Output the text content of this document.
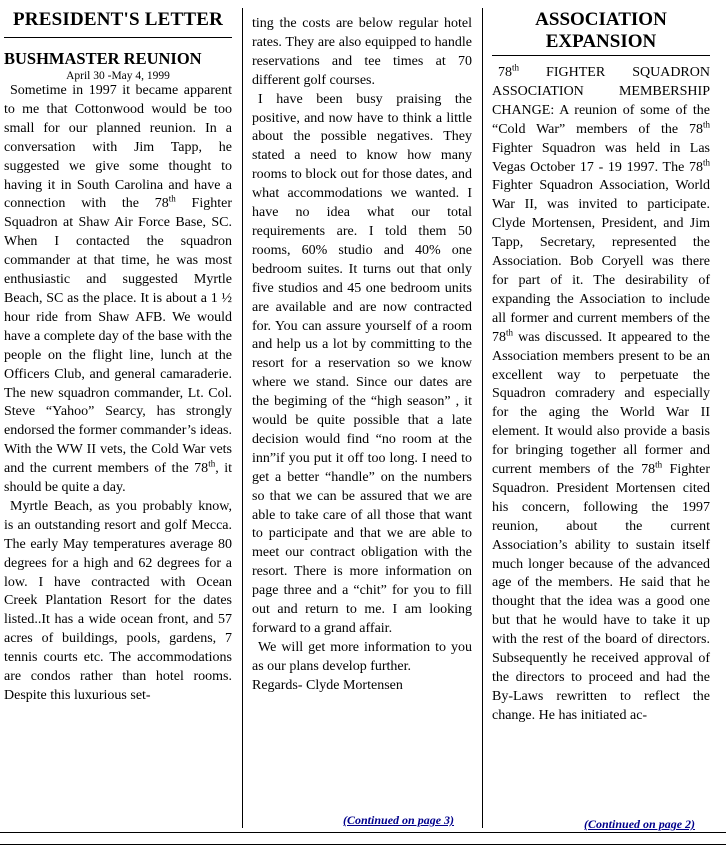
PRESIDENT'S LETTER
BUSHMASTER REUNION
April 30 -May 4, 1999

Sometime in 1997 it became apparent to me that Cottonwood would be too small for our planned reunion. In a conversation with Jim Tapp, he suggested we give some thought to having it in South Carolina and have a connection with the 78th Fighter Squadron at Shaw Air Force Base, SC. When I contacted the squadron commander at that time, he was most enthusiastic and suggested Myrtle Beach, SC as the place. It is about a 1 ½ hour ride from Shaw AFB. We would have a complete day of the base with the people on the flight line, lunch at the Officers Club, and general camaraderie. The new squadron commander, Lt. Col. Steve “Yahoo” Searcy, has strongly endorsed the former commander’s ideas. With the WW II vets, the Cold War vets and the current members of the 78th, it should be quite a day.

Myrtle Beach, as you probably know, is an outstanding resort and golf Mecca. The early May temperatures average 80 degrees for a high and 62 degrees for a low. I have contracted with Ocean Creek Plantation Resort for the dates listed..It has a wide ocean front, and 57 acres of buildings, pools, gardens, 7 tennis courts etc. The accommodations are condos rather than hotel rooms. Despite this luxurious set-

ting the costs are below regular hotel rates. They are also equipped to handle reservations and tee times at 70 different golf courses.

I have been busy praising the positive, and now have to think a little about the possible negatives. They stated a need to know how many rooms to block out for those dates, and what accommodations we wanted. I have no idea what our total requirements are. I told them 50 rooms, 60% studio and 40% one bedroom suites. It turns out that only five studios and 45 one bedroom units are available and are now contracted for. You can assure yourself of a room and help us a lot by committing to the resort for a reservation so we know where we stand. Since our dates are the begiming of the “high season” , it would be quite possible that a late decision would find “no room at the inn”if you put it off too long. I need to get a better “handle” on the numbers so that we can be assured that we are able to take care of all those that want to participate and that we are able to meet our contract obligation with the resort. There is more information on page three and a “chit” for you to fill out and return to me. I am looking forward to a grand affair.

We will get more information to you as our plans develop further.

Regards- Clyde Mortensen

(Continued on page 3)
ASSOCIATION
EXPANSION

78th FIGHTER SQUADRON ASSOCIATION MEMBERSHIP CHANGE: A reunion of some of the “Cold War” members of the 78th Fighter Squadron was held in Las Vegas October 17 - 19 1997. The 78th Fighter Squadron Association, World War II, was invited to participate. Clyde Mortensen, President, and Jim Tapp, Secretary, represented the Association. Bob Coryell was there for part of it. The desirability of expanding the Association to include all former and current members of the 78th was discussed. It appeared to the Association members present to be an excellent way to perpetuate the Squadron comradery and especially for the aging the World War II element. It would also provide a basis for bringing together all former and current members of the 78th Fighter Squadron. President Mortensen cited his concern, following the 1997 reunion, about the current Association’s ability to sustain itself much longer because of the advanced age of the members. He said that he thought that the idea was a good one but that he would have to take it up with the rest of the board of directors. Subsequently he received approval of the directors to proceed and had the By-Laws rewritten to reflect the change. He has initiated ac-

(Continued on page 2)
